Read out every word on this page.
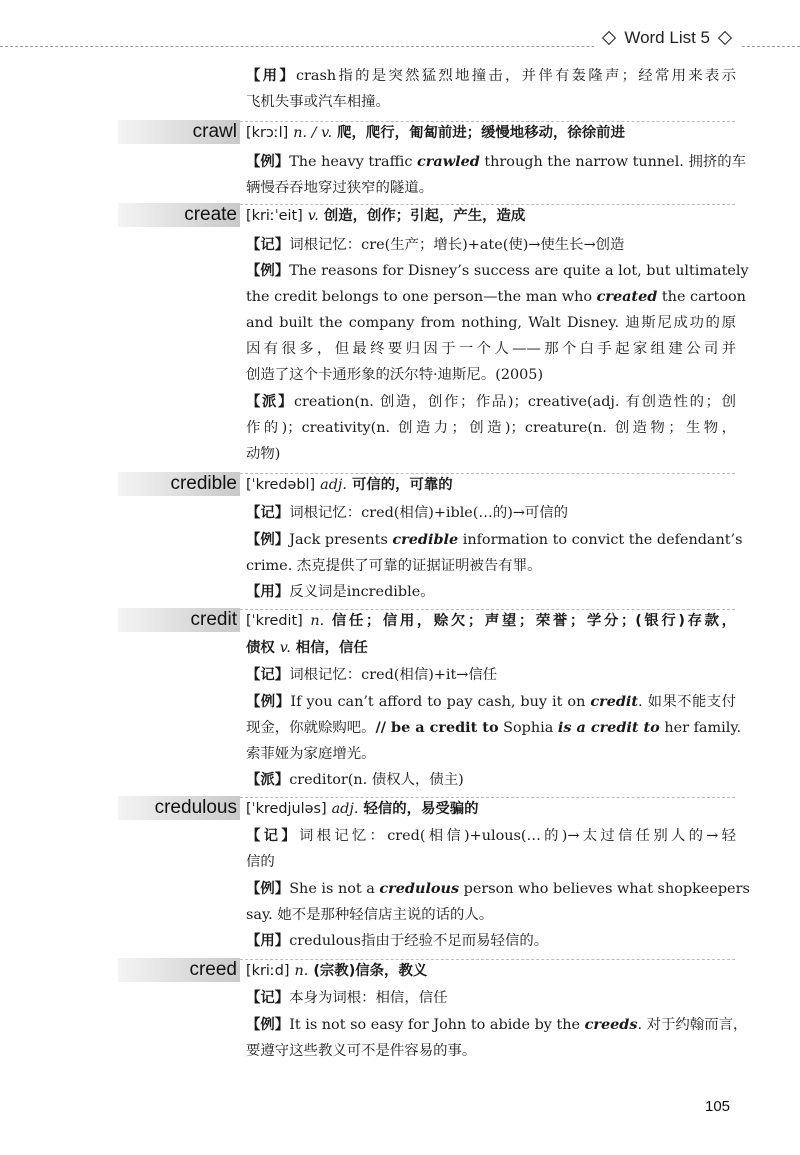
Word List 5
【用】crash指的是突然猛烈地撞击，并伴有轰隆声；经常用来表示
飞机失事或汽车相撞。
crawl [krɔːl] n. / v. 爬，爬行，匍匐前进；缓慢地移动，徐徐前进
【例】The heavy traffic crawled through the narrow tunnel. 拥挤的车
辆慢吞吞地穿过狭窄的隧道。
create [kriːˈeit] v. 创造，创作；引起，产生，造成
【记】词根记忆：cre(生产；增长)+ate(使)→使生长→创造
【例】The reasons for Disney’s success are quite a lot, but ultimately
the credit belongs to one person—the man who created the cartoon
and built the company from nothing, Walt Disney. 迪斯尼成功的原
因有很多，但最终要归因于一个人——那个白手起家组建公司并
创造了这个卡通形象的沃尔特·迪斯尼。(2005)
【派】creation(n. 创造，创作；作品)；creative(adj. 有创造性的；创
作的)；creativity(n. 创造力；创造)；creature(n. 创造物；生物，
动物)
credible [ˈkredəbl] adj. 可信的，可靠的
【记】词根记忆：cred(相信)+ible(…的)→可信的
【例】Jack presents credible information to convict the defendant’s
crime. 杰克提供了可靠的证据证明被告有罪。
【用】反义词是incredible。
credit [ˈkredit] n. 信任；信用，赊欠；声望；荣誉；学分；(银行)存款，
债权 v. 相信，信任
【记】词根记忆：cred(相信)+it→信任
【例】If you can’t afford to pay cash, buy it on credit. 如果不能支付
现金，你就赊购吧。// be a credit to Sophia is a credit to her family.
索菲娅为家庭增光。
【派】creditor(n. 债权人，债主)
credulous [ˈkredjuləs] adj. 轻信的，易受骗的
【记】词根记忆：cred(相信)+ulous(…的)→太过信任别人的→轻
信的
【例】She is not a credulous person who believes what shopkeepers
say. 她不是那种轻信店主说的话的人。
【用】credulous指由于经验不足而易轻信的。
creed [kriːd] n. (宗教)信条，教义
【记】本身为词根：相信，信任
【例】It is not so easy for John to abide by the creeds. 对于约翰而言，
要遵守这些教义可不是件容易的事。
105
